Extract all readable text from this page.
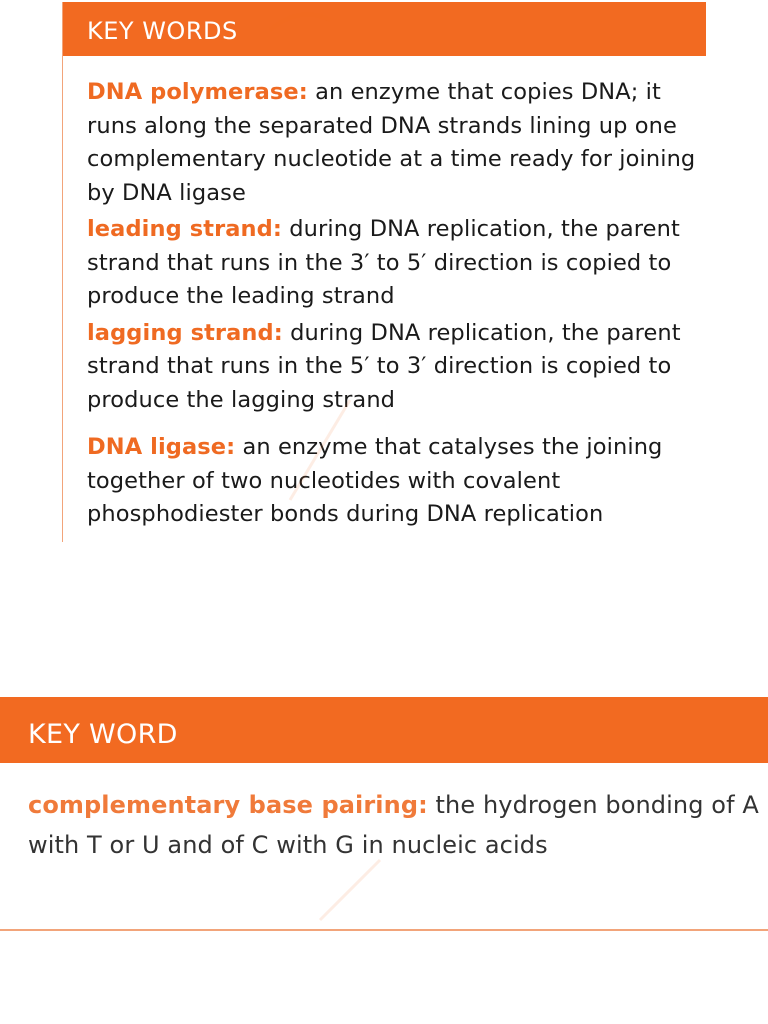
KEY WORDS

DNA polymerase: an enzyme that copies DNA; it runs along the separated DNA strands lining up one complementary nucleotide at a time ready for joining by DNA ligase

leading strand: during DNA replication, the parent strand that runs in the 3′ to 5′ direction is copied to produce the leading strand

lagging strand: during DNA replication, the parent strand that runs in the 5′ to 3′ direction is copied to produce the lagging strand

DNA ligase: an enzyme that catalyses the joining together of two nucleotides with covalent phosphodiester bonds during DNA replication

KEY WORD

complementary base pairing: the hydrogen bonding of A with T or U and of C with G in nucleic acids
